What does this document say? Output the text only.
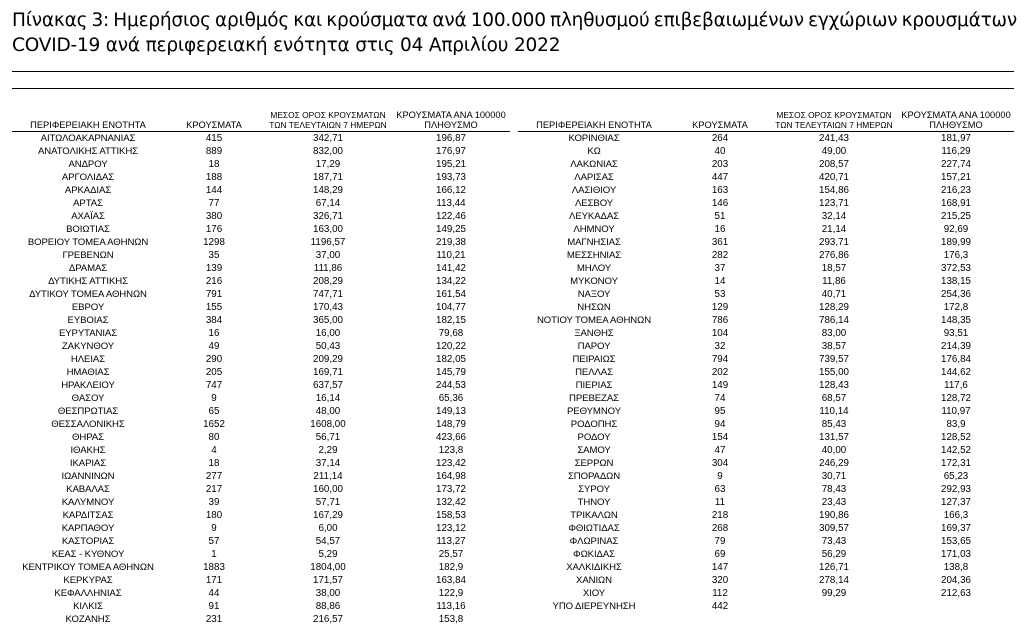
Πίνακας 3: Ημερήσιος αριθμός και κρούσματα ανά 100.000 πληθυσμού επιβεβαιωμένων εγχώριων κρουσμάτων
COVID-19 ανά περιφερειακή ενότητα στις 04 Απριλίου 2022
ΠΕΡΙΦΕΡΕΙΑΚΗ ΕΝΟΤΗΤΑ	ΚΡΟΥΣΜΑΤΑ	ΜΕΣΟΣ ΟΡΟΣ ΚΡΟΥΣΜΑΤΩΝ
ΤΩΝ ΤΕΛΕΥΤΑΙΩΝ 7 ΗΜΕΡΩΝ	ΚΡΟΥΣΜΑΤΑ ΑΝΑ 100000
ΠΛΗΘΥΣΜΟ
ΑΙΤΩΛΟΑΚΑΡΝΑΝΙΑΣ	415	342,71	196,87
ΑΝΑΤΟΛΙΚΗΣ ΑΤΤΙΚΗΣ	889	832,00	176,97
ΑΝΔΡΟΥ	18	17,29	195,21
ΑΡΓΟΛΙΔΑΣ	188	187,71	193,73
ΑΡΚΑΔΙΑΣ	144	148,29	166,12
ΑΡΤΑΣ	77	67,14	113,44
ΑΧΑΪΑΣ	380	326,71	122,46
ΒΟΙΩΤΙΑΣ	176	163,00	149,25
ΒΟΡΕΙΟΥ ΤΟΜΕΑ ΑΘΗΝΩΝ	1298	1196,57	219,38
ΓΡΕΒΕΝΩΝ	35	37,00	110,21
ΔΡΑΜΑΣ	139	111,86	141,42
ΔΥΤΙΚΗΣ ΑΤΤΙΚΗΣ	216	208,29	134,22
ΔΥΤΙΚΟΥ ΤΟΜΕΑ ΑΘΗΝΩΝ	791	747,71	161,54
ΕΒΡΟΥ	155	170,43	104,77
ΕΥΒΟΙΑΣ	384	365,00	182,15
ΕΥΡΥΤΑΝΙΑΣ	16	16,00	79,68
ΖΑΚΥΝΘΟΥ	49	50,43	120,22
ΗΛΕΙΑΣ	290	209,29	182,05
ΗΜΑΘΙΑΣ	205	169,71	145,79
ΗΡΑΚΛΕΙΟΥ	747	637,57	244,53
ΘΑΣΟΥ	9	16,14	65,36
ΘΕΣΠΡΩΤΙΑΣ	65	48,00	149,13
ΘΕΣΣΑΛΟΝΙΚΗΣ	1652	1608,00	148,79
ΘΗΡΑΣ	80	56,71	423,66
ΙΘΑΚΗΣ	4	2,29	123,8
ΙΚΑΡΙΑΣ	18	37,14	123,42
ΙΩΑΝΝΙΝΩΝ	277	211,14	164,98
ΚΑΒΑΛΑΣ	217	160,00	173,72
ΚΑΛΥΜΝΟΥ	39	57,71	132,42
ΚΑΡΔΙΤΣΑΣ	180	167,29	158,53
ΚΑΡΠΑΘΟΥ	9	6,00	123,12
ΚΑΣΤΟΡΙΑΣ	57	54,57	113,27
ΚΕΑΣ - ΚΥΘΝΟΥ	1	5,29	25,57
ΚΕΝΤΡΙΚΟΥ ΤΟΜΕΑ ΑΘΗΝΩΝ	1883	1804,00	182,9
ΚΕΡΚΥΡΑΣ	171	171,57	163,84
ΚΕΦΑΛΛΗΝΙΑΣ	44	38,00	122,9
ΚΙΛΚΙΣ	91	88,86	113,16
ΚΟΖΑΝΗΣ	231	216,57	153,8
ΠΕΡΙΦΕΡΕΙΑΚΗ ΕΝΟΤΗΤΑ	ΚΡΟΥΣΜΑΤΑ	ΜΕΣΟΣ ΟΡΟΣ ΚΡΟΥΣΜΑΤΩΝ
ΤΩΝ ΤΕΛΕΥΤΑΙΩΝ 7 ΗΜΕΡΩΝ	ΚΡΟΥΣΜΑΤΑ ΑΝΑ 100000
ΠΛΗΘΥΣΜΟ
ΚΟΡΙΝΘΙΑΣ	264	241,43	181,97
ΚΩ	40	49,00	116,29
ΛΑΚΩΝΙΑΣ	203	208,57	227,74
ΛΑΡΙΣΑΣ	447	420,71	157,21
ΛΑΣΙΘΙΟΥ	163	154,86	216,23
ΛΕΣΒΟΥ	146	123,71	168,91
ΛΕΥΚΑΔΑΣ	51	32,14	215,25
ΛΗΜΝΟΥ	16	21,14	92,69
ΜΑΓΝΗΣΙΑΣ	361	293,71	189,99
ΜΕΣΣΗΝΙΑΣ	282	276,86	176,3
ΜΗΛΟΥ	37	18,57	372,53
ΜΥΚΟΝΟΥ	14	11,86	138,15
ΝΑΞΟΥ	53	40,71	254,36
ΝΗΣΩΝ	129	128,29	172,8
ΝΟΤΙΟΥ ΤΟΜΕΑ ΑΘΗΝΩΝ	786	786,14	148,35
ΞΑΝΘΗΣ	104	83,00	93,51
ΠΑΡΟΥ	32	38,57	214,39
ΠΕΙΡΑΙΩΣ	794	739,57	176,84
ΠΕΛΛΑΣ	202	155,00	144,62
ΠΙΕΡΙΑΣ	149	128,43	117,6
ΠΡΕΒΕΖΑΣ	74	68,57	128,72
ΡΕΘΥΜΝΟΥ	95	110,14	110,97
ΡΟΔΟΠΗΣ	94	85,43	83,9
ΡΟΔΟΥ	154	131,57	128,52
ΣΑΜΟΥ	47	40,00	142,52
ΣΕΡΡΩΝ	304	246,29	172,31
ΣΠΟΡΑΔΩΝ	9	30,71	65,23
ΣΥΡΟΥ	63	78,43	292,93
ΤΗΝΟΥ	11	23,43	127,37
ΤΡΙΚΑΛΩΝ	218	190,86	166,3
ΦΘΙΩΤΙΔΑΣ	268	309,57	169,37
ΦΛΩΡΙΝΑΣ	79	73,43	153,65
ΦΩΚΙΔΑΣ	69	56,29	171,03
ΧΑΛΚΙΔΙΚΗΣ	147	126,71	138,8
ΧΑΝΙΩΝ	320	278,14	204,36
ΧΙΟΥ	112	99,29	212,63
ΥΠΟ ΔΙΕΡΕΥΝΗΣΗ	442		
